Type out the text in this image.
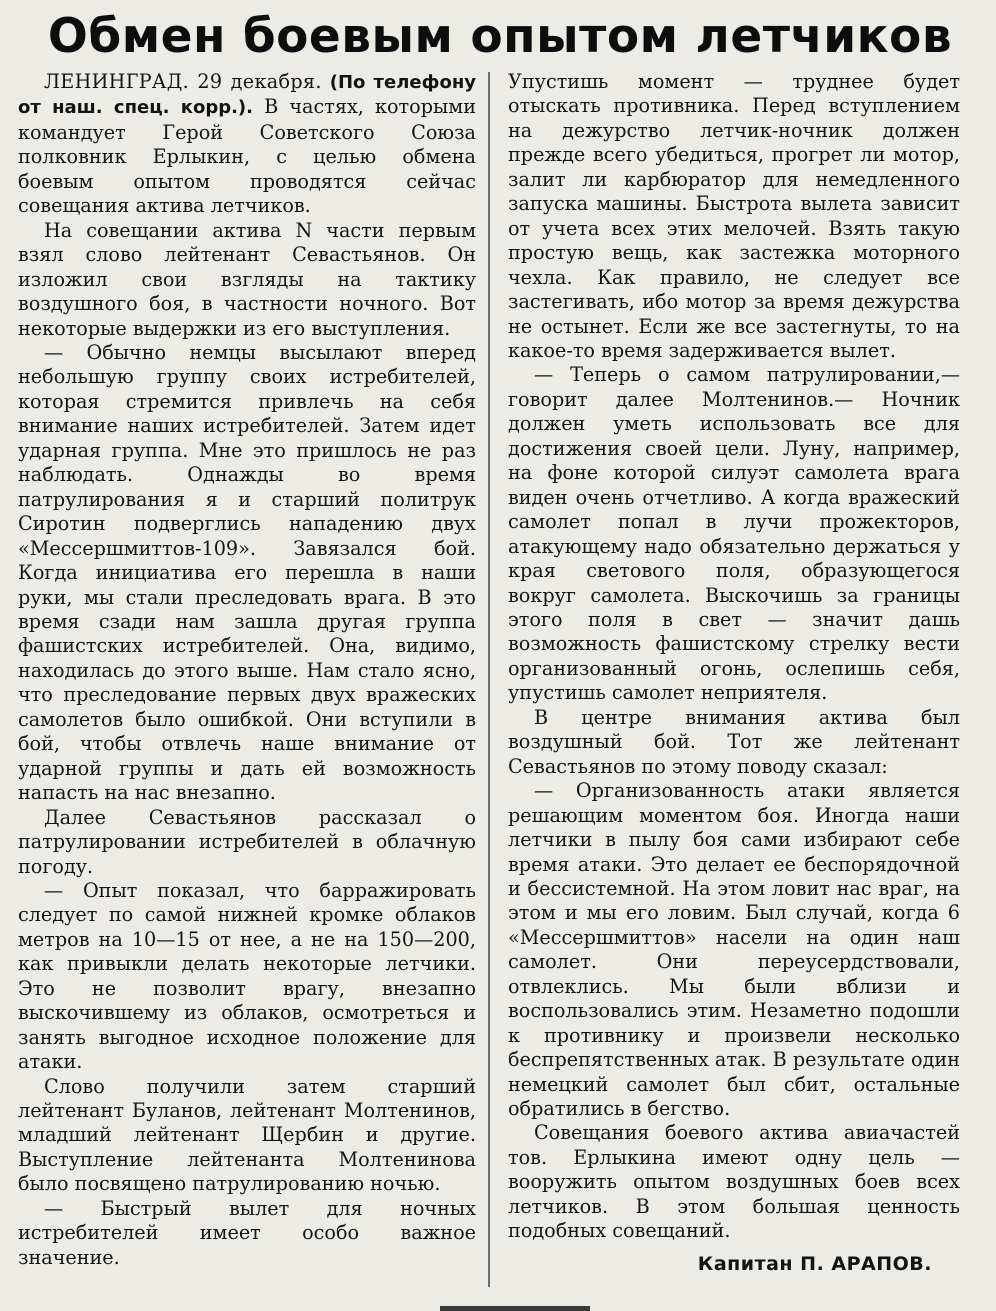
Обмен боевым опытом летчиков

ЛЕНИНГРАД. 29 декабря. (По телефону от наш. спец. корр.). В частях, которыми командует Герой Советского Союза полковник Ерлыкин, с целью обмена боевым опытом проводятся сейчас совещания актива летчиков.

На совещании актива N части первым взял слово лейтенант Севастьянов. Он изложил свои взгляды на тактику воздушного боя, в частности ночного. Вот некоторые выдержки из его выступления.

— Обычно немцы высылают вперед небольшую группу своих истребителей, которая стремится привлечь на себя внимание наших истребителей. Затем идет ударная группа. Мне это пришлось не раз наблюдать. Однажды во время патрулирования я и старший политрук Сиротин подверглись нападению двух «Мессершмиттов-109». Завязался бой. Когда инициатива его перешла в наши руки, мы стали преследовать врага. В это время сзади нам зашла другая группа фашистских истребителей. Она, видимо, находилась до этого выше. Нам стало ясно, что преследование первых двух вражеских самолетов было ошибкой. Они вступили в бой, чтобы отвлечь наше внимание от ударной группы и дать ей возможность напасть на нас внезапно.

Далее Севастьянов рассказал о патрулировании истребителей в облачную погоду.

— Опыт показал, что барражировать следует по самой нижней кромке облаков метров на 10—15 от нее, а не на 150—200, как привыкли делать некоторые летчики. Это не позволит врагу, внезапно выскочившему из облаков, осмотреться и занять выгодное исходное положение для атаки.

Слово получили затем старший лейтенант Буланов, лейтенант Молтенинов, младший лейтенант Щербин и другие. Выступление лейтенанта Молтенинова было посвящено патрулированию ночью.

— Быстрый вылет для ночных истребителей имеет особо важное значение.

Упустишь момент — труднее будет отыскать противника. Перед вступлением на дежурство летчик-ночник должен прежде всего убедиться, прогрет ли мотор, залит ли карбюратор для немедленного запуска машины. Быстрота вылета зависит от учета всех этих мелочей. Взять такую простую вещь, как застежка моторного чехла. Как правило, не следует все застегивать, ибо мотор за время дежурства не остынет. Если же все застегнуты, то на какое-то время задерживается вылет.

— Теперь о самом патрулировании,— говорит далее Молтенинов.— Ночник должен уметь использовать все для достижения своей цели. Луну, например, на фоне которой силуэт самолета врага виден очень отчетливо. А когда вражеский самолет попал в лучи прожекторов, атакующему надо обязательно держаться у края светового поля, образующегося вокруг самолета. Выскочишь за границы этого поля в свет — значит дашь возможность фашистскому стрелку вести организованный огонь, ослепишь себя, упустишь самолет неприятеля.

В центре внимания актива был воздушный бой. Тот же лейтенант Севастьянов по этому поводу сказал:

— Организованность атаки является решающим моментом боя. Иногда наши летчики в пылу боя сами избирают себе время атаки. Это делает ее беспорядочной и бессистемной. На этом ловит нас враг, на этом и мы его ловим. Был случай, когда 6 «Мессершмиттов» насели на один наш самолет. Они переусердствовали, отвлеклись. Мы были вблизи и воспользовались этим. Незаметно подошли к противнику и произвели несколько беспрепятственных атак. В результате один немецкий самолет был сбит, остальные обратились в бегство.

Совещания боевого актива авиачастей тов. Ерлыкина имеют одну цель — вооружить опытом воздушных боев всех летчиков. В этом большая ценность подобных совещаний.

Капитан П. АРАПОВ.
